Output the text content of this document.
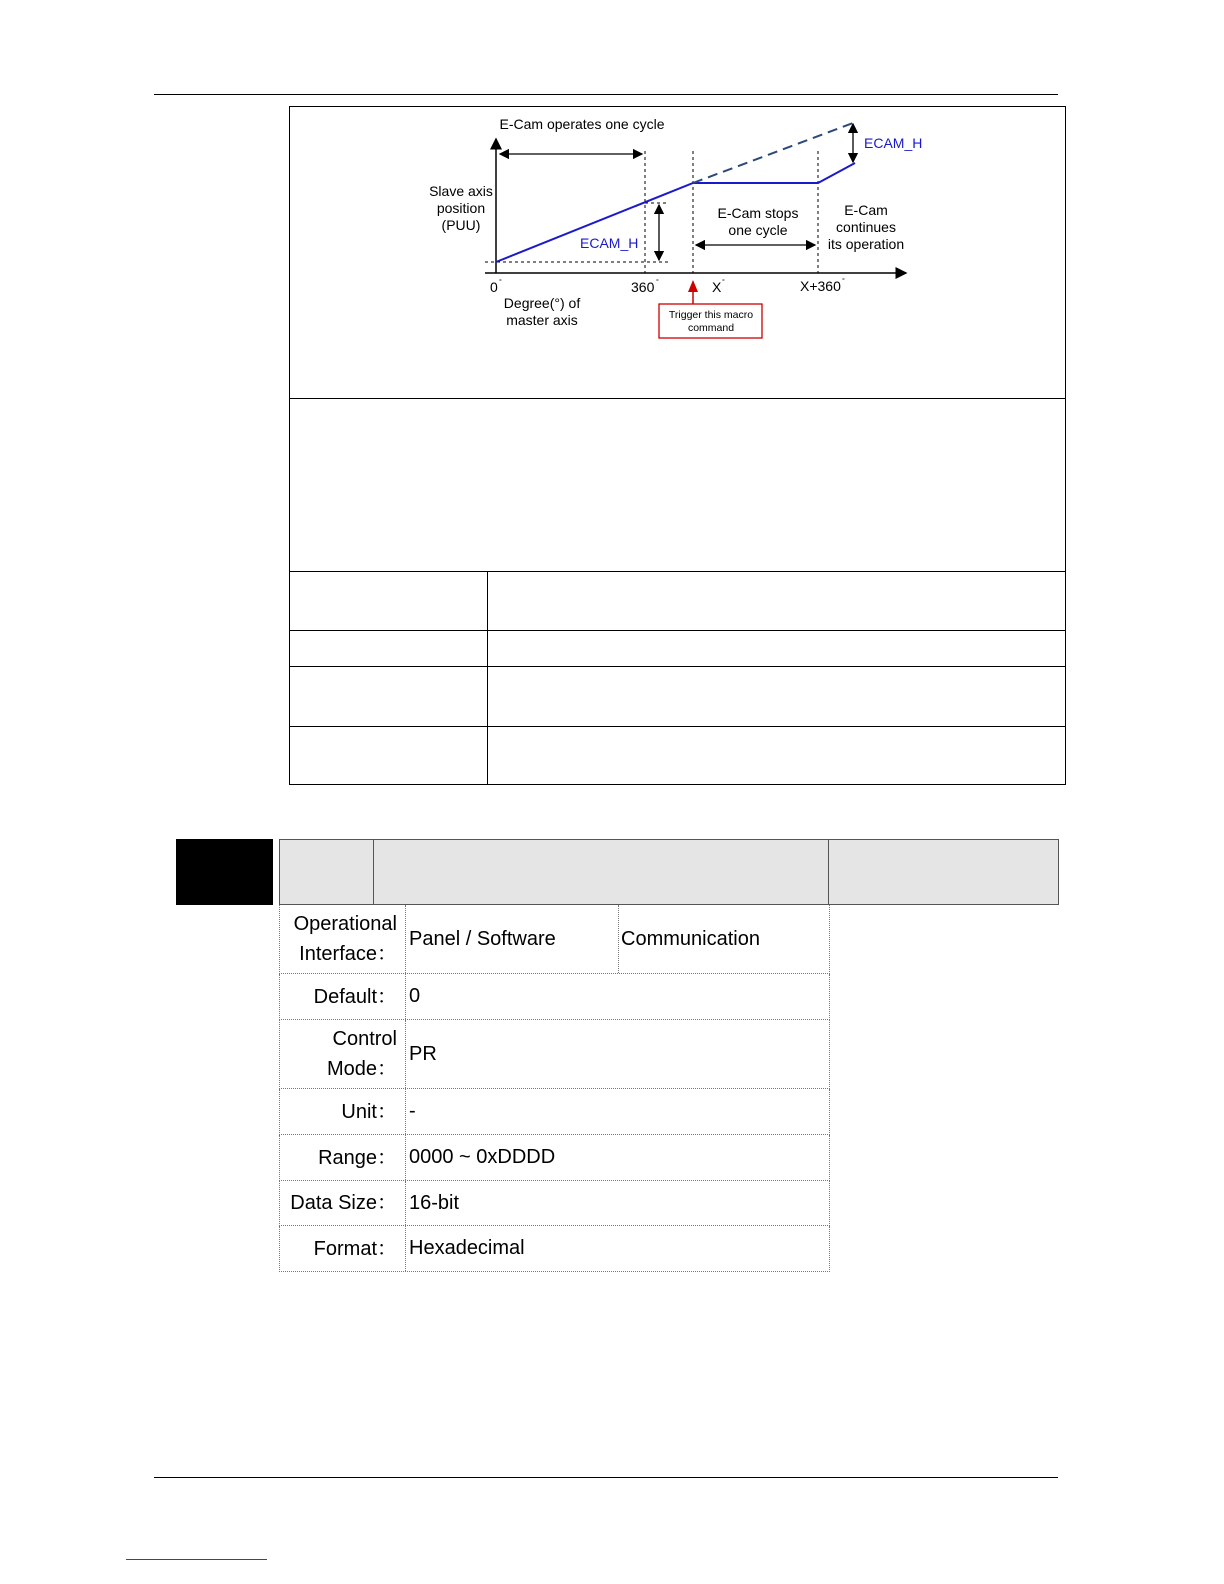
E-Cam operates one cycle
Slave axis
position
(PUU)
ECAM_H
ECAM_H
E-Cam stops
one cycle
E-Cam
continues
its operation
0 °	360 °	X °	X+360 °
Degree(°) of
master axis	Trigger this macro
command
Operational
Interface：
Panel / Software	Communication
Default： 0
Control
Mode：
PR
Unit： -
Range： 0000 ~ 0xDDDD
Data Size： 16-bit
Format： Hexadecimal
